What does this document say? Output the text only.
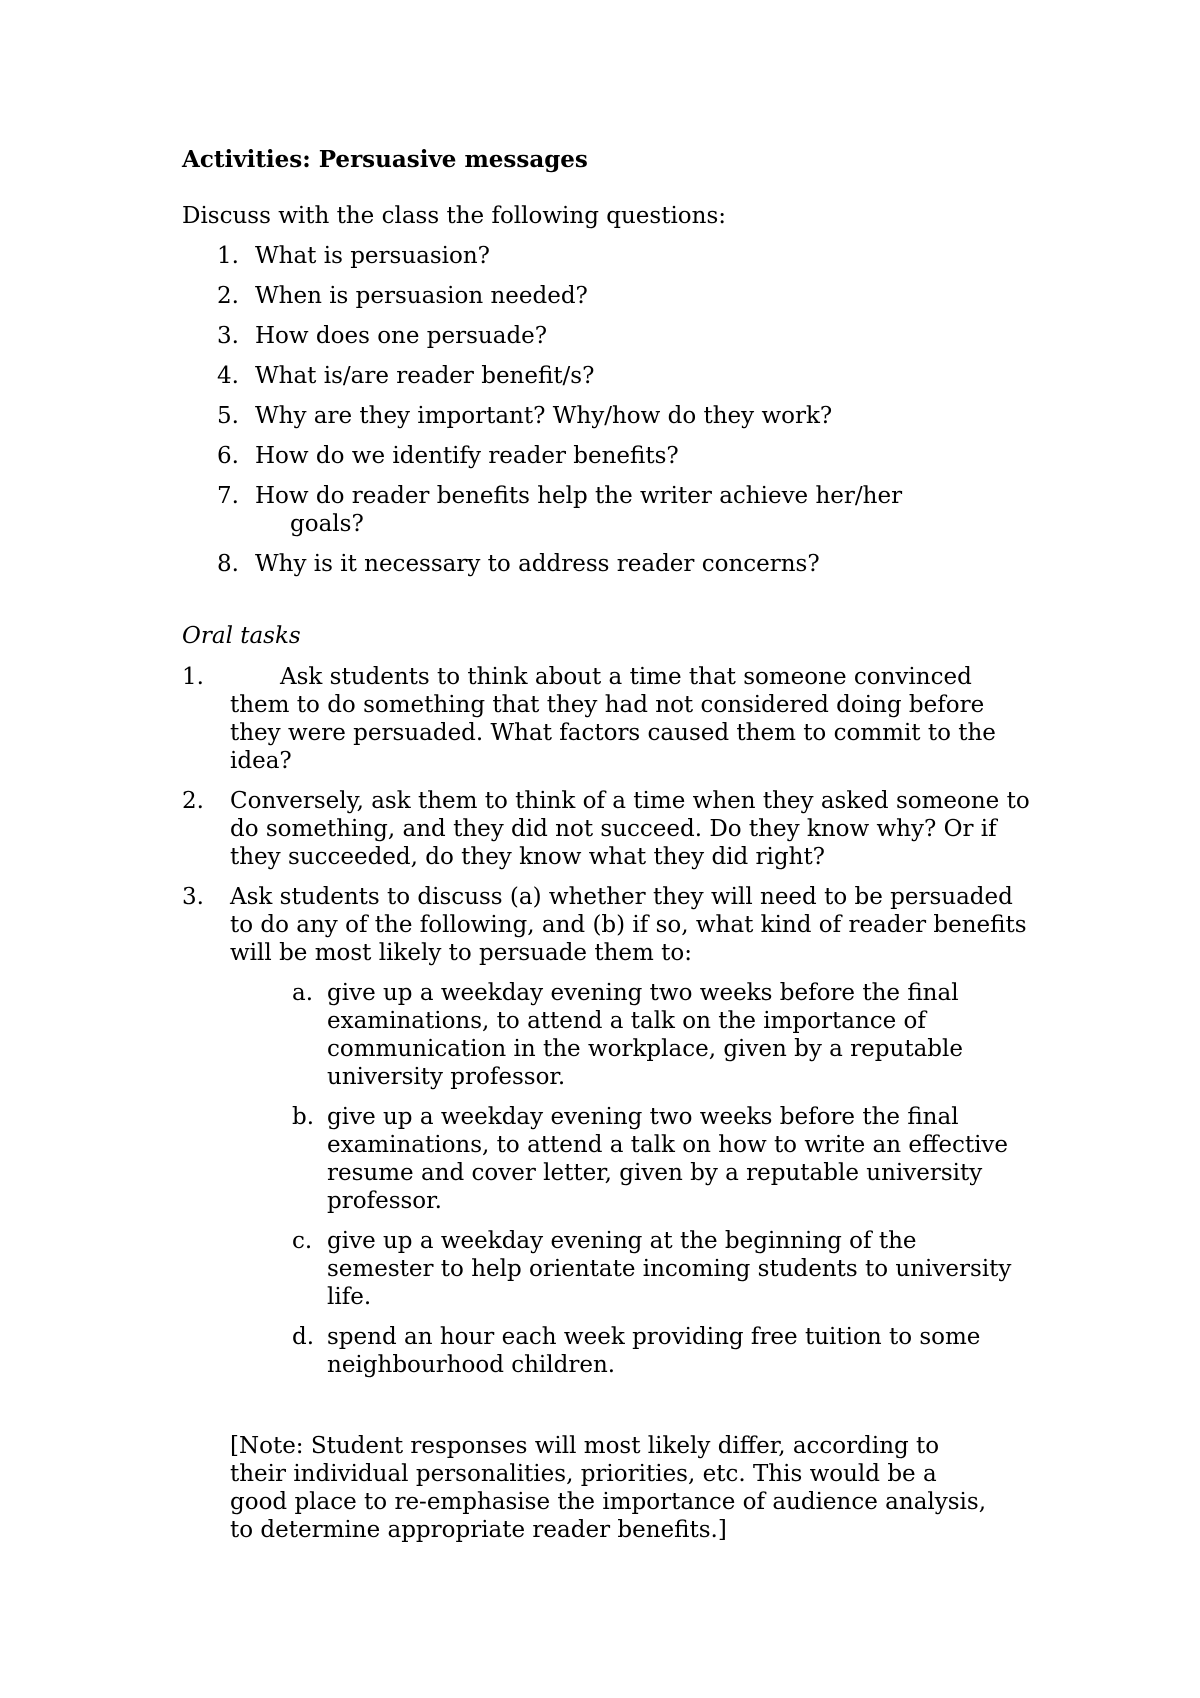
Activities: Persuasive messages

Discuss with the class the following questions:

1. What is persuasion?
2. When is persuasion needed?
3. How does one persuade?
4. What is/are reader benefit/s?
5. Why are they important? Why/how do they work?
6. How do we identify reader benefits?
7. How do reader benefits help the writer achieve her/her
goals?
8. Why is it necessary to address reader concerns?

Oral tasks

1.	Ask students to think about a time that someone convinced them to do something that they had not considered doing before they were persuaded. What factors caused them to commit to the idea?
2.	Conversely, ask them to think of a time when they asked someone to do something, and they did not succeed. Do they know why? Or if they succeeded, do they know what they did right?
3.	Ask students to discuss (a) whether they will need to be persuaded to do any of the following, and (b) if so, what kind of reader benefits will be most likely to persuade them to:
a. give up a weekday evening two weeks before the final examinations, to attend a talk on the importance of communication in the workplace, given by a reputable university professor.
b. give up a weekday evening two weeks before the final examinations, to attend a talk on how to write an effective resume and cover letter, given by a reputable university professor.
c. give up a weekday evening at the beginning of the semester to help orientate incoming students to university life.
d. spend an hour each week providing free tuition to some neighbourhood children.

[Note: Student responses will most likely differ, according to their individual personalities, priorities, etc. This would be a good place to re-emphasise the importance of audience analysis, to determine appropriate reader benefits.]
